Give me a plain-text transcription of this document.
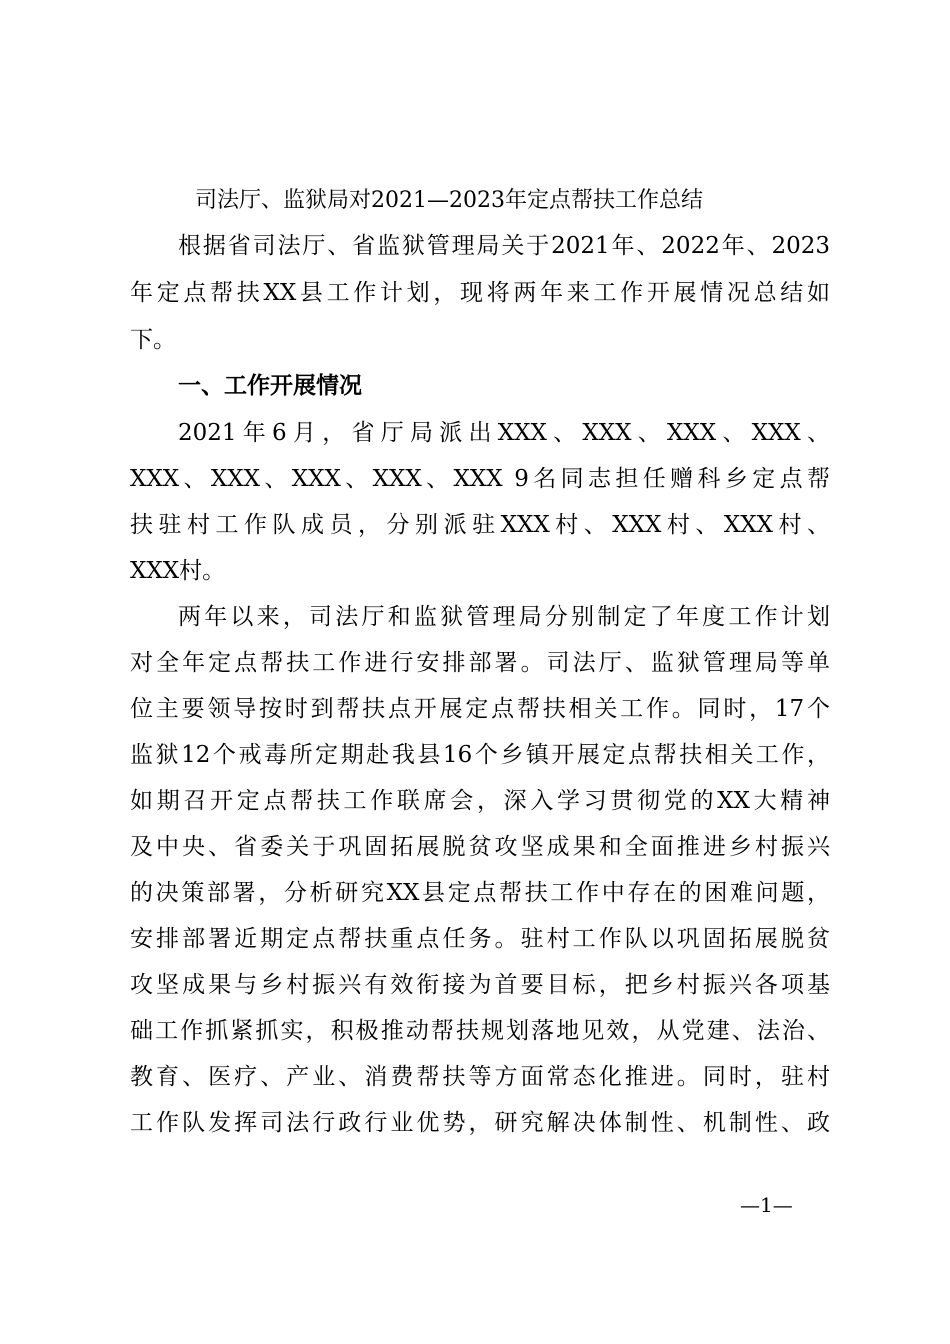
司法厅、监狱局对2021—2023年定点帮扶工作总结
根据省司法厅、省监狱管理局关于2021年、2022年、2023
年定点帮扶XX县工作计划，现将两年来工作开展情况总结如
下。
一、工作开展情况
2021年6月，省厅局派出XXX、XXX、XXX、XXX、
XXX、XXX、XXX、XXX、XXX 9名同志担任赠科乡定点帮
扶驻村工作队成员，分别派驻XXX村、XXX村、XXX村、
XXX村。
两年以来，司法厅和监狱管理局分别制定了年度工作计划
对全年定点帮扶工作进行安排部署。司法厅、监狱管理局等单
位主要领导按时到帮扶点开展定点帮扶相关工作。同时，17个
监狱12个戒毒所定期赴我县16个乡镇开展定点帮扶相关工作，
如期召开定点帮扶工作联席会，深入学习贯彻党的XX大精神
及中央、省委关于巩固拓展脱贫攻坚成果和全面推进乡村振兴
的决策部署，分析研究XX县定点帮扶工作中存在的困难问题，
安排部署近期定点帮扶重点任务。驻村工作队以巩固拓展脱贫
攻坚成果与乡村振兴有效衔接为首要目标，把乡村振兴各项基
础工作抓紧抓实，积极推动帮扶规划落地见效，从党建、法治、
教育、医疗、产业、消费帮扶等方面常态化推进。同时，驻村
工作队发挥司法行政行业优势，研究解决体制性、机制性、政
—1—
